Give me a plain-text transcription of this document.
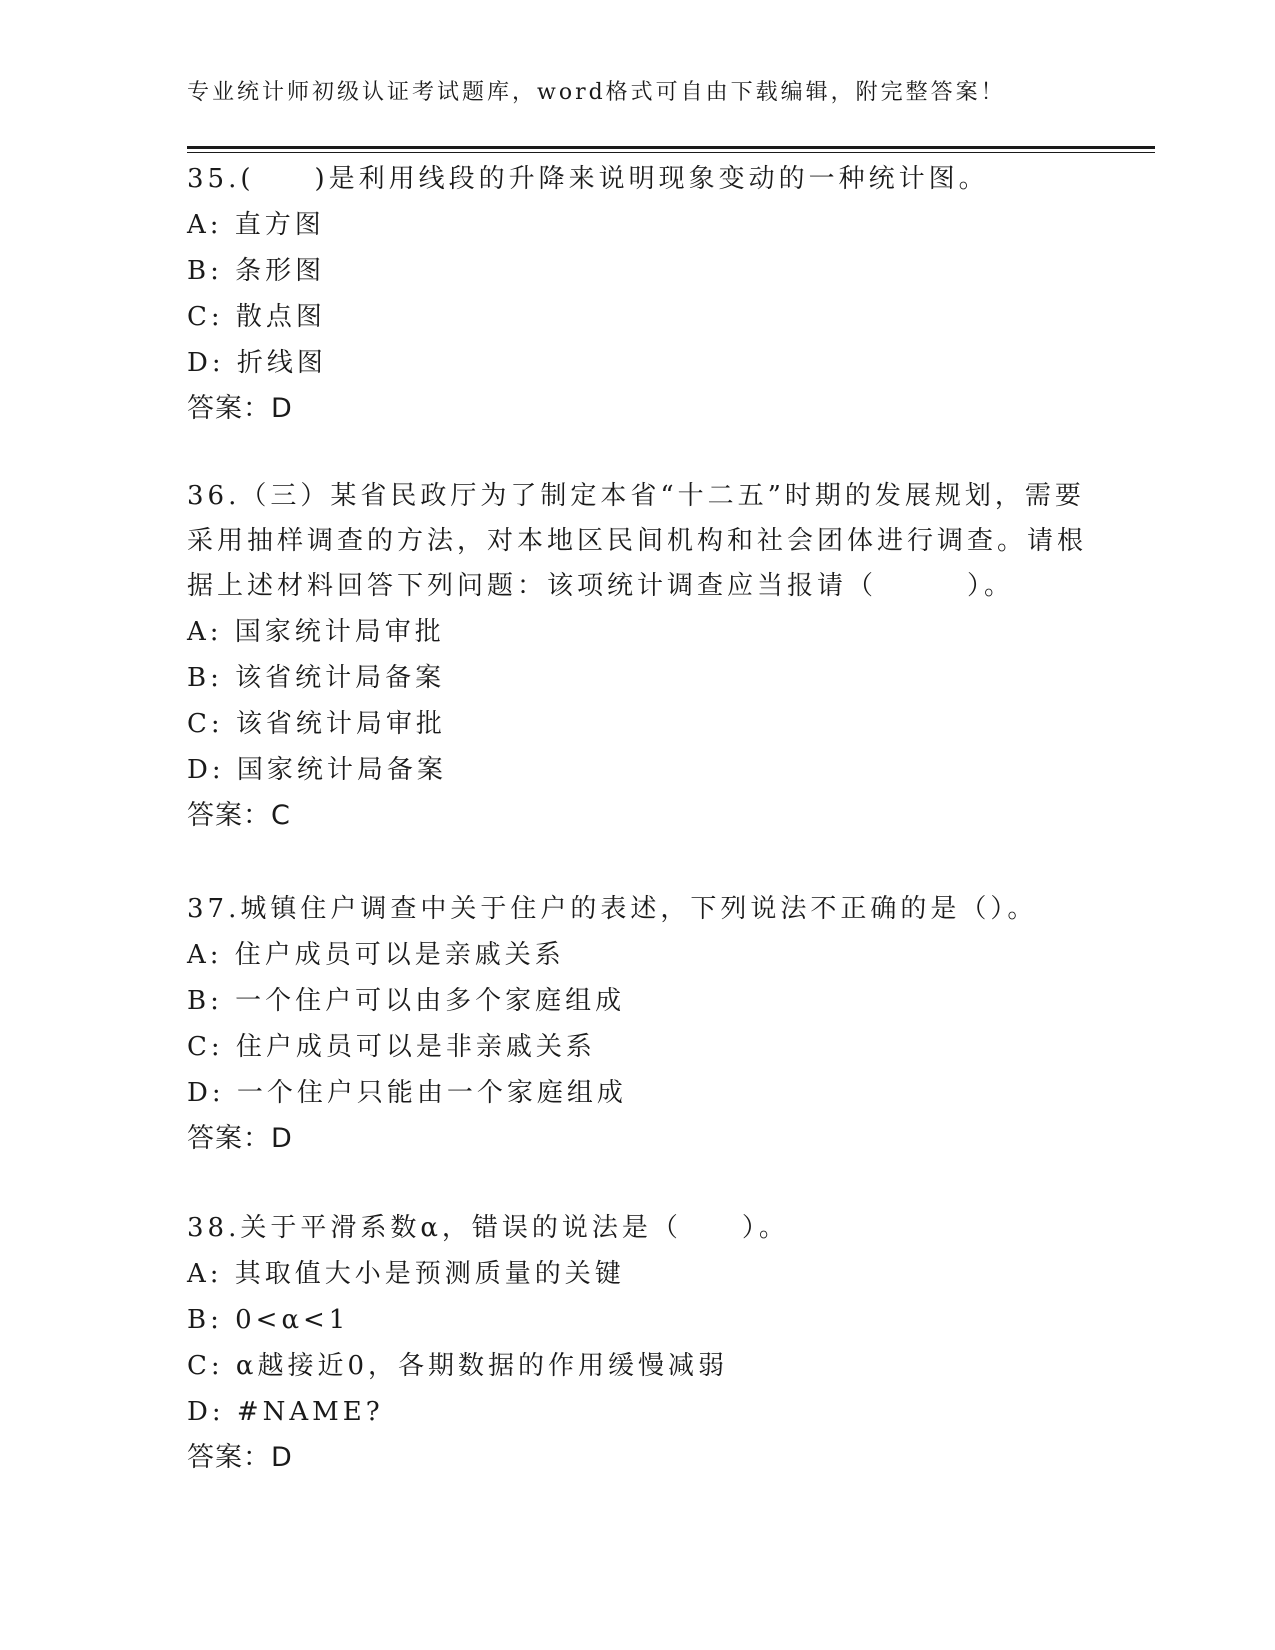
专业统计师初级认证考试题库，word格式可自由下载编辑，附完整答案！
35.(　　)是利用线段的升降来说明现象变动的一种统计图。
A: 直方图
B: 条形图
C: 散点图
D: 折线图
答案：D
36.（三）某省民政厅为了制定本省“十二五”时期的发展规划，需要
采用抽样调查的方法，对本地区民间机构和社会团体进行调查。请根
据上述材料回答下列问题：该项统计调查应当报请（　　　）。
A: 国家统计局审批
B: 该省统计局备案
C: 该省统计局审批
D: 国家统计局备案
答案：C
37.城镇住户调查中关于住户的表述，下列说法不正确的是（）。
A: 住户成员可以是亲戚关系
B: 一个住户可以由多个家庭组成
C: 住户成员可以是非亲戚关系
D: 一个住户只能由一个家庭组成
答案：D
38.关于平滑系数α，错误的说法是（　　）。
A: 其取值大小是预测质量的关键
B: 0<α<1
C: α越接近0，各期数据的作用缓慢减弱
D: #NAME?
答案：D
